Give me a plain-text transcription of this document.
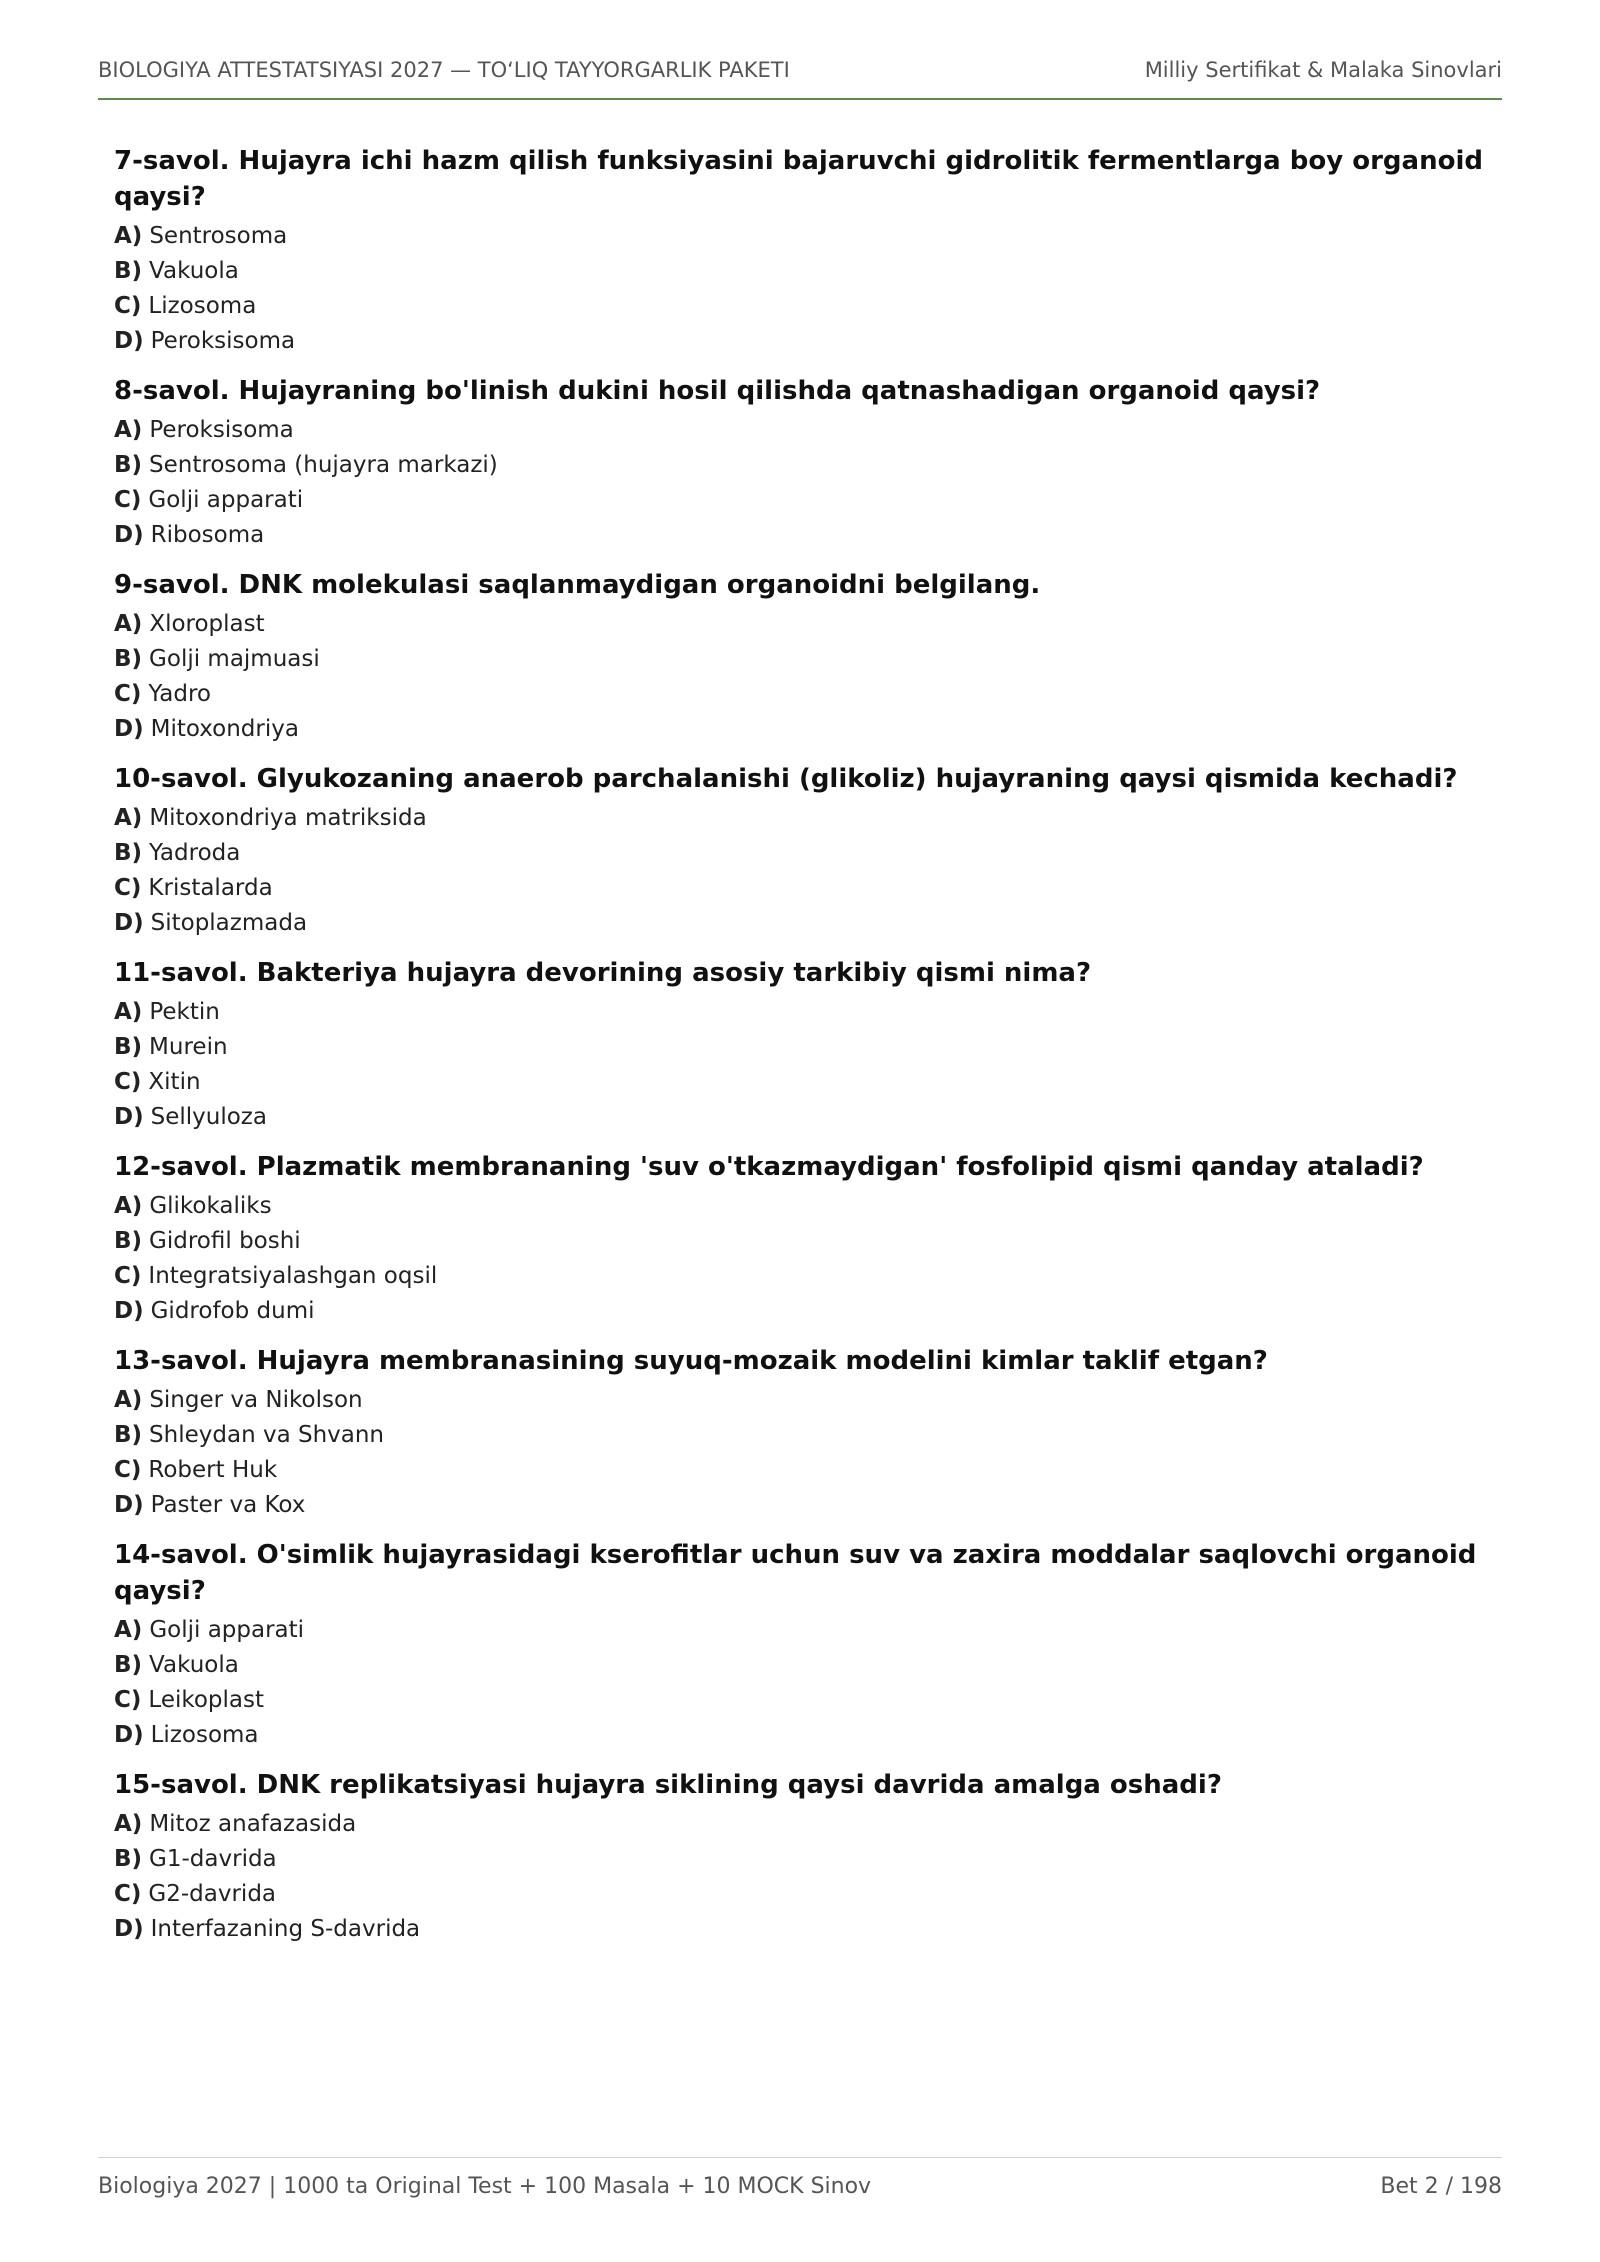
BIOLOGIYA ATTESTATSIYASI 2027 — TO‘LIQ TAYYORGARLIK PAKETI	Milliy Sertifikat & Malaka Sinovlari
7-savol. Hujayra ichi hazm qilish funksiyasini bajaruvchi gidrolitik fermentlarga boy organoid qaysi?
A) Sentrosoma
B) Vakuola
C) Lizosoma
D) Peroksisoma
8-savol. Hujayraning bo'linish dukini hosil qilishda qatnashadigan organoid qaysi?
A) Peroksisoma
B) Sentrosoma (hujayra markazi)
C) Golji apparati
D) Ribosoma
9-savol. DNK molekulasi saqlanmaydigan organoidni belgilang.
A) Xloroplast
B) Golji majmuasi
C) Yadro
D) Mitoxondriya
10-savol. Glyukozaning anaerob parchalanishi (glikoliz) hujayraning qaysi qismida kechadi?
A) Mitoxondriya matriksida
B) Yadroda
C) Kristalarda
D) Sitoplazmada
11-savol. Bakteriya hujayra devorining asosiy tarkibiy qismi nima?
A) Pektin
B) Murein
C) Xitin
D) Sellyuloza
12-savol. Plazmatik membrananing 'suv o'tkazmaydigan' fosfolipid qismi qanday ataladi?
A) Glikokaliks
B) Gidrofil boshi
C) Integratsiyalashgan oqsil
D) Gidrofob dumi
13-savol. Hujayra membranasining suyuq-mozaik modelini kimlar taklif etgan?
A) Singer va Nikolson
B) Shleydan va Shvann
C) Robert Huk
D) Paster va Kox
14-savol. O'simlik hujayrasidagi kserofitlar uchun suv va zaxira moddalar saqlovchi organoid qaysi?
A) Golji apparati
B) Vakuola
C) Leikoplast
D) Lizosoma
15-savol. DNK replikatsiyasi hujayra siklining qaysi davrida amalga oshadi?
A) Mitoz anafazasida
B) G1-davrida
C) G2-davrida
D) Interfazaning S-davrida
Biologiya 2027 | 1000 ta Original Test + 100 Masala + 10 MOCK Sinov	Bet 2 / 198
